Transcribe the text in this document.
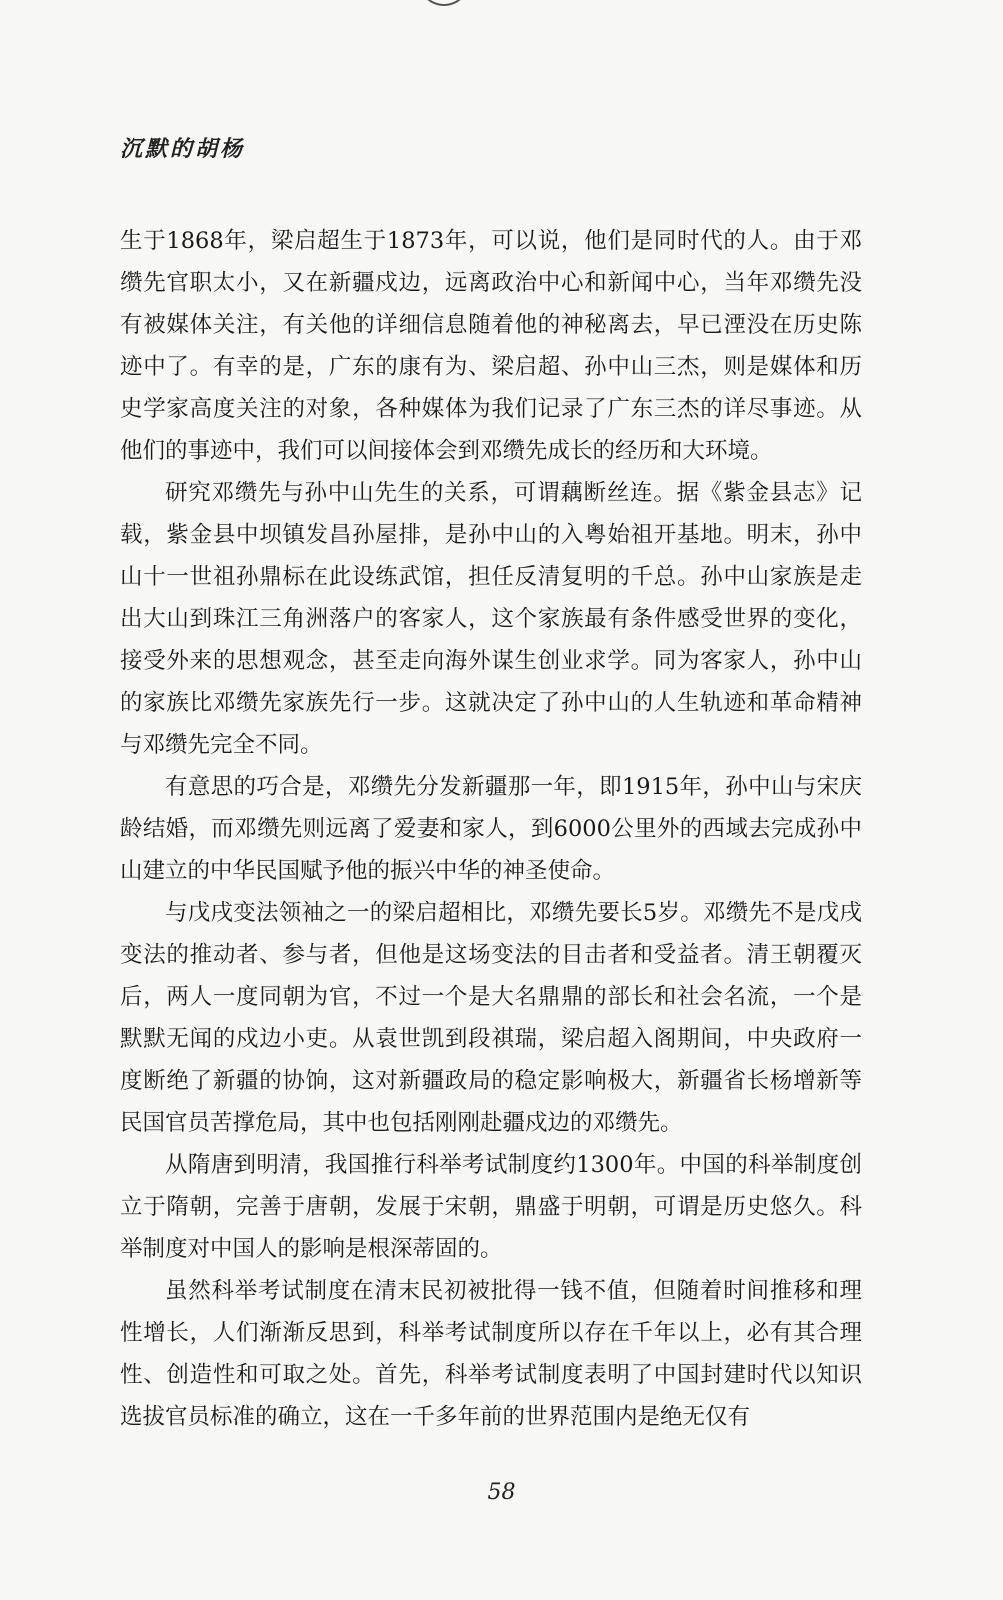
沉默的胡杨

生于1868年，梁启超生于1873年，可以说，他们是同时代的人。由于邓缵先官职太小，又在新疆戍边，远离政治中心和新闻中心，当年邓缵先没有被媒体关注，有关他的详细信息随着他的神秘离去，早已湮没在历史陈迹中了。有幸的是，广东的康有为、梁启超、孙中山三杰，则是媒体和历史学家高度关注的对象，各种媒体为我们记录了广东三杰的详尽事迹。从他们的事迹中，我们可以间接体会到邓缵先成长的经历和大环境。

研究邓缵先与孙中山先生的关系，可谓藕断丝连。据《紫金县志》记载，紫金县中坝镇发昌孙屋排，是孙中山的入粤始祖开基地。明末，孙中山十一世祖孙鼎标在此设练武馆，担任反清复明的千总。孙中山家族是走出大山到珠江三角洲落户的客家人，这个家族最有条件感受世界的变化，接受外来的思想观念，甚至走向海外谋生创业求学。同为客家人，孙中山的家族比邓缵先家族先行一步。这就决定了孙中山的人生轨迹和革命精神与邓缵先完全不同。

有意思的巧合是，邓缵先分发新疆那一年，即1915年，孙中山与宋庆龄结婚，而邓缵先则远离了爱妻和家人，到6000公里外的西域去完成孙中山建立的中华民国赋予他的振兴中华的神圣使命。

与戊戌变法领袖之一的梁启超相比，邓缵先要长5岁。邓缵先不是戊戌变法的推动者、参与者，但他是这场变法的目击者和受益者。清王朝覆灭后，两人一度同朝为官，不过一个是大名鼎鼎的部长和社会名流，一个是默默无闻的戍边小吏。从袁世凯到段祺瑞，梁启超入阁期间，中央政府一度断绝了新疆的协饷，这对新疆政局的稳定影响极大，新疆省长杨增新等民国官员苦撑危局，其中也包括刚刚赴疆戍边的邓缵先。

从隋唐到明清，我国推行科举考试制度约1300年。中国的科举制度创立于隋朝，完善于唐朝，发展于宋朝，鼎盛于明朝，可谓是历史悠久。科举制度对中国人的影响是根深蒂固的。

虽然科举考试制度在清末民初被批得一钱不值，但随着时间推移和理性增长，人们渐渐反思到，科举考试制度所以存在千年以上，必有其合理性、创造性和可取之处。首先，科举考试制度表明了中国封建时代以知识选拔官员标准的确立，这在一千多年前的世界范围内是绝无仅有

58
